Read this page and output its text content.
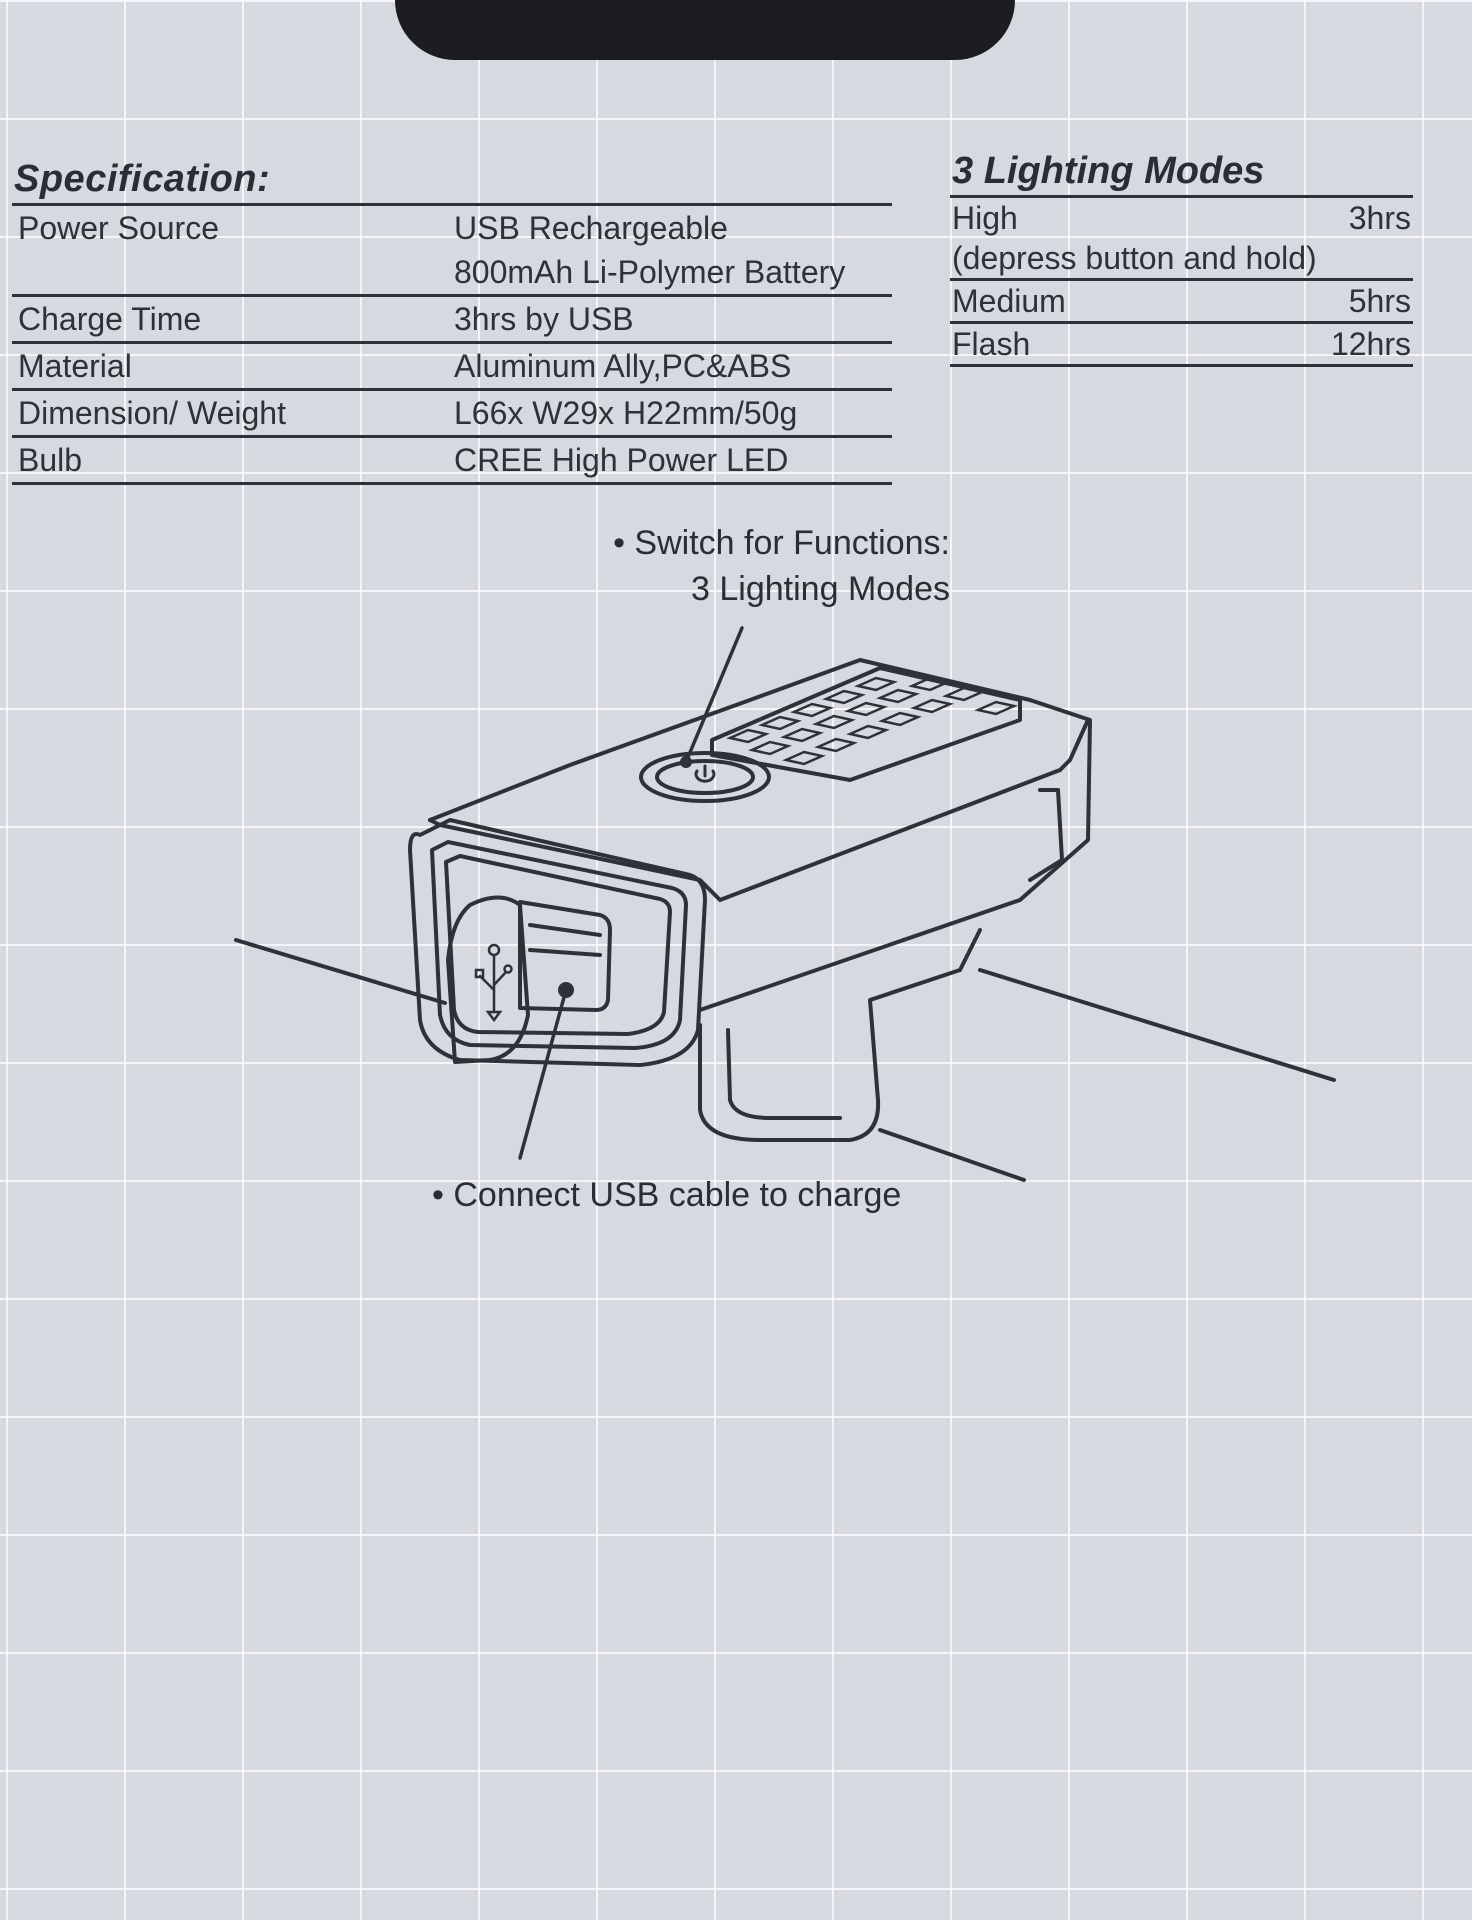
Specification:
Power Source	USB Rechargeable
800mAh Li-Polymer Battery
Charge Time	3hrs by USB
Material	Aluminum Ally,PC&ABS
Dimension/ Weight	L66x W29x H22mm/50g
Bulb	CREE High Power LED
3 Lighting Modes
High	3hrs
(depress button and hold)
Medium	5hrs
Flash	12hrs
• Switch for Functions:
3 Lighting Modes
• Connect USB cable to charge
